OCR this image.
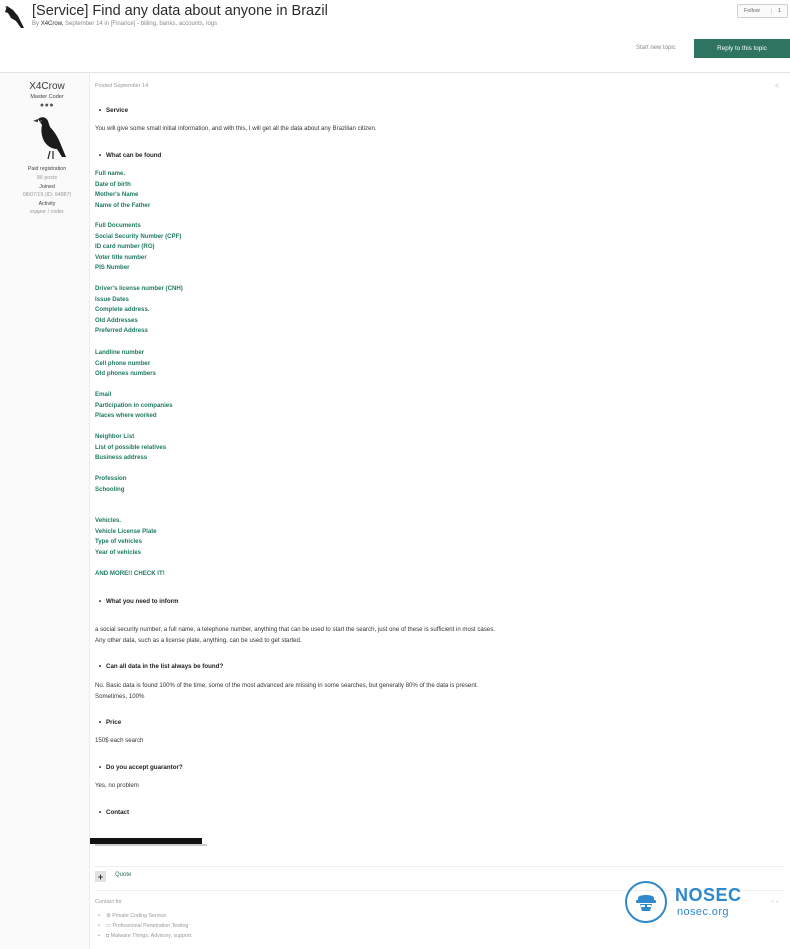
[Service] Find any data about anyone in Brazil
By X4Crow, September 14 in [Finance] - billing, banks, accounts, logs
Follow	1
Start new topic	Reply to this topic
X4Crow
Master Coder
●●●
Paid registration
86 posts
Joined
08/07/19 (ID: 94887)
Activity
кодинг / coder
Posted September 14	<
• Service
You will give some small initial information, and with this, I will get all the data about any Brazilian citizen.
• What can be found
Full name.
Date of birth
Mother's Name
Name of the Father
Full Documents
Social Security Number (CPF)
ID card number (RG)
Voter title number
PIS Number
Driver's license number (CNH)
Issue Dates
Complete address.
Old Addresses
Preferred Address
Landline number
Cell phone number
Old phones numbers
Email
Participation in companies
Places where worked
Neighbor List
List of possible relatives
Business address
Profession
Schooling
Vehicles.
Vehicle License Plate
Type of vehicles
Year of vehicles
AND MORE!! CHECK IT!
• What you need to inform
a social security number, a full name, a telephone number, anything that can be used to start the search, just one of these is sufficient in most cases.
Any other data, such as a license plate, anything, can be used to get started.
• Can all data in the list always be found?
No. Basic data is found 100% of the time, some of the most advanced are missing in some searches, but generally 80% of the data is present.
Sometimes, 100%
• Price
150$ each search
• Do you accept guarantor?
Yes, no problem
• Contact
+	Quote
Contact for	« »
• ⚙ Private Coding Service
• ▭ Professional Penetration Testing
• ◘ Malware Things. Advisory, support.
NOSEC
nosec.org
